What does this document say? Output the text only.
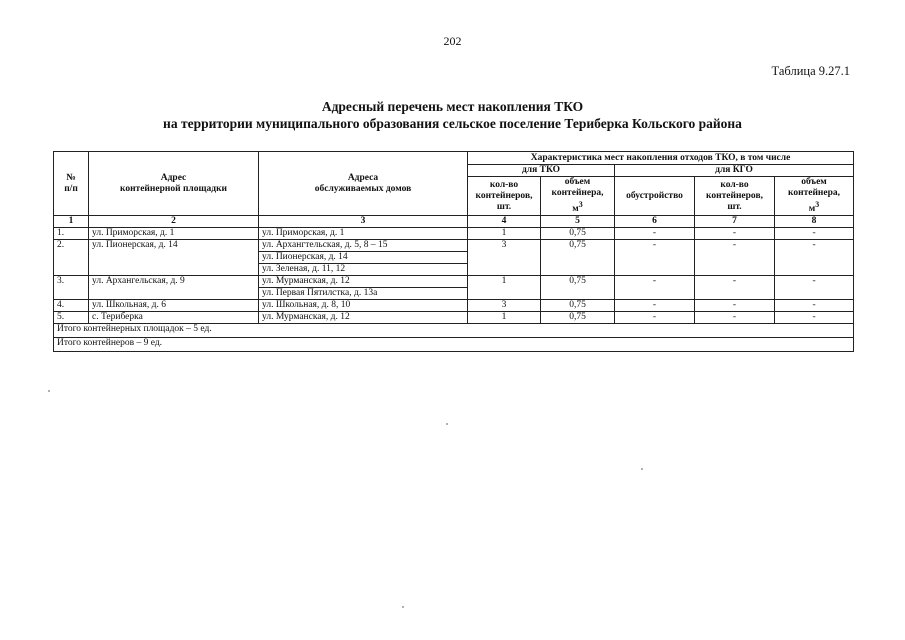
202
Таблица 9.27.1
Адресный перечень мест накопления ТКО
на территории муниципального образования сельское поселение Териберка Кольского района
№
п/п	Адрес
контейнерной площадки	Адреса
обслуживаемых домов	Характеристика мест накопления отходов ТКО, в том числе				
			для ТКО		для КГО		
			кол-во
контейнеров,
шт.	объем
контейнера,
$м^3$	обустройство	кол-во
контейнеров,
шт.	объем
контейнера,
$м^3$
1	2	3	4	5	6	7	8
1.	ул. Приморская, д. 1	ул. Приморская, д. 1	1	0,75	-	-	-
2.	ул. Пионерская, д. 14	ул. Архангтельская, д. 5, 8 – 15	3	0,75	-	-	-
		ул. Пионерская, д. 14					
		ул. Зеленая, д. 11, 12					
3.	ул. Архангельская, д. 9	ул. Мурманская, д. 12	1	0,75	-	-	-
		ул. Первая Пятилстка, д. 13а					
4.	ул. Школьная, д. 6	ул. Школьная, д. 8, 10	3	0,75	-	-	-
5.	с. Териберка	ул. Мурманская, д. 12	1	0,75	-	-	-
Итого контейнерных площадок – 5 ед.							
Итого контейнеров – 9 ед.							
